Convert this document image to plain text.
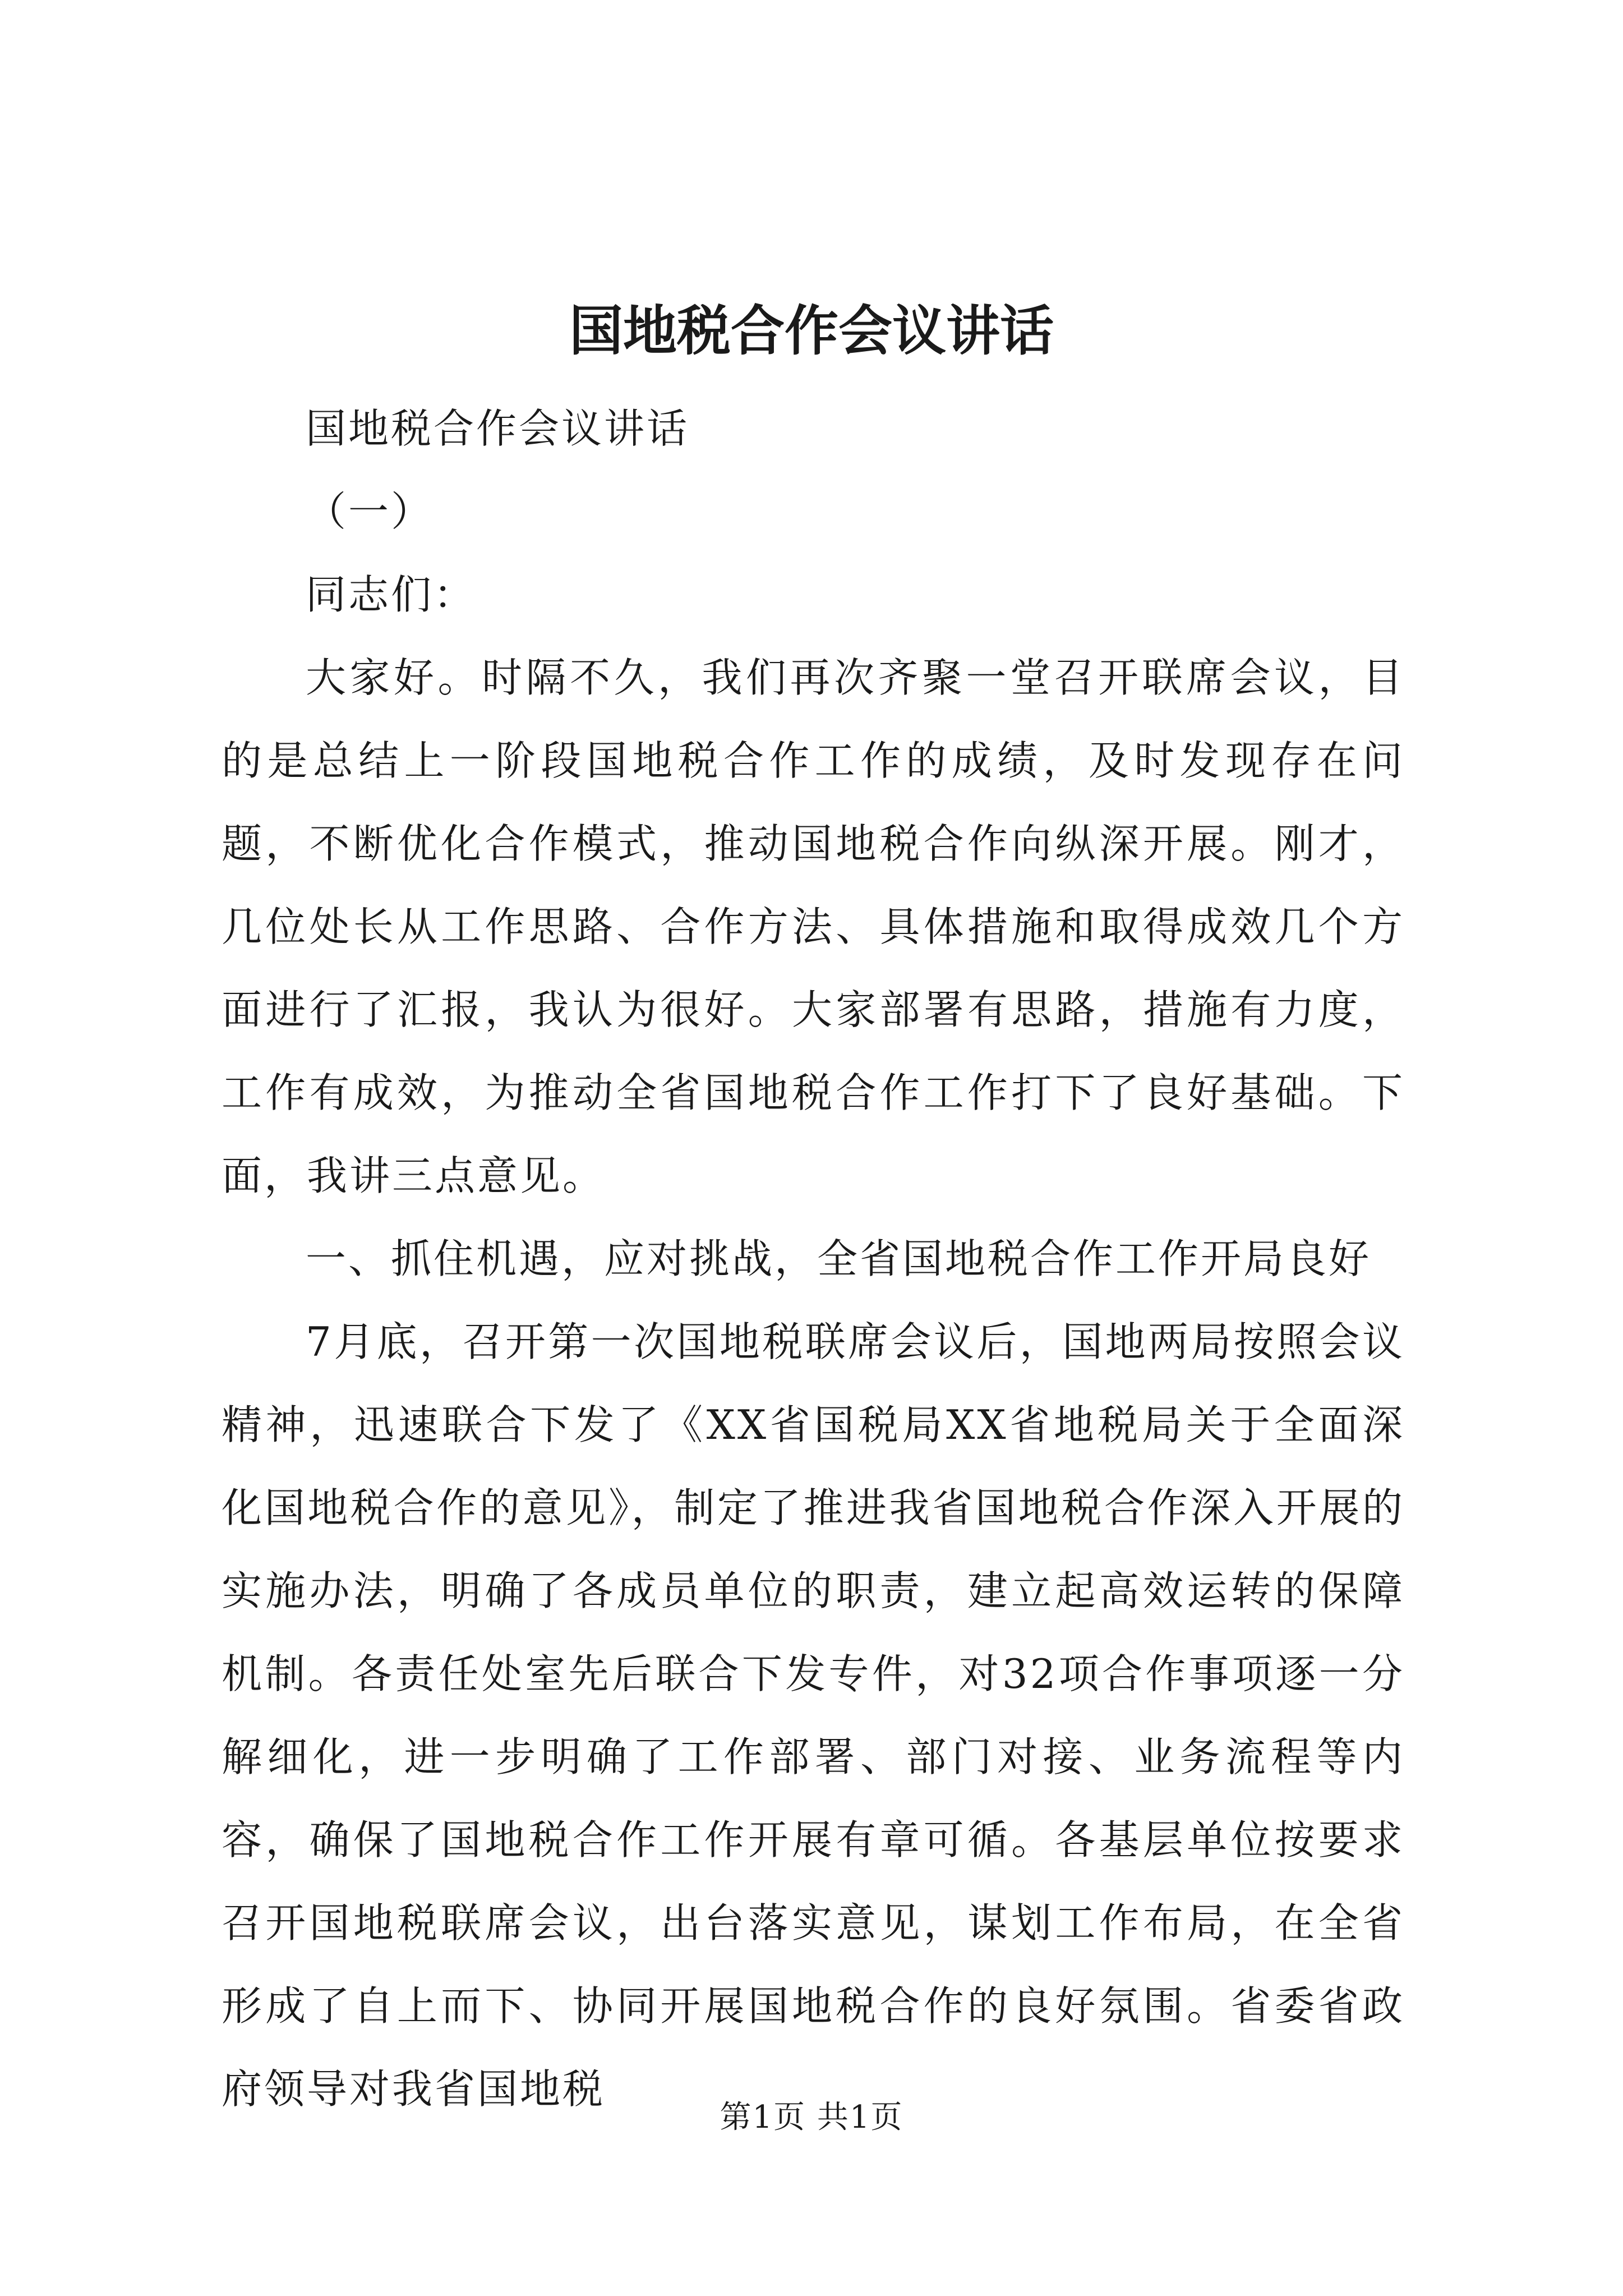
国地税合作会议讲话

国地税合作会议讲话

（一）

同志们：

大家好。时隔不久，我们再次齐聚一堂召开联席会议，目的是总结上一阶段国地税合作工作的成绩，及时发现存在问题，不断优化合作模式，推动国地税合作向纵深开展。刚才，几位处长从工作思路、合作方法、具体措施和取得成效几个方面进行了汇报，我认为很好。大家部署有思路，措施有力度，工作有成效，为推动全省国地税合作工作打下了良好基础。下面，我讲三点意见。

一、抓住机遇，应对挑战，全省国地税合作工作开局良好

7月底，召开第一次国地税联席会议后，国地两局按照会议精神，迅速联合下发了《XX省国税局XX省地税局关于全面深化国地税合作的意见》，制定了推进我省国地税合作深入开展的实施办法，明确了各成员单位的职责，建立起高效运转的保障机制。各责任处室先后联合下发专件，对32项合作事项逐一分解细化，进一步明确了工作部署、部门对接、业务流程等内容，确保了国地税合作工作开展有章可循。各基层单位按要求召开国地税联席会议，出台落实意见，谋划工作布局，在全省形成了自上而下、协同开展国地税合作的良好氛围。省委省政府领导对我省国地税

第1页 共1页
